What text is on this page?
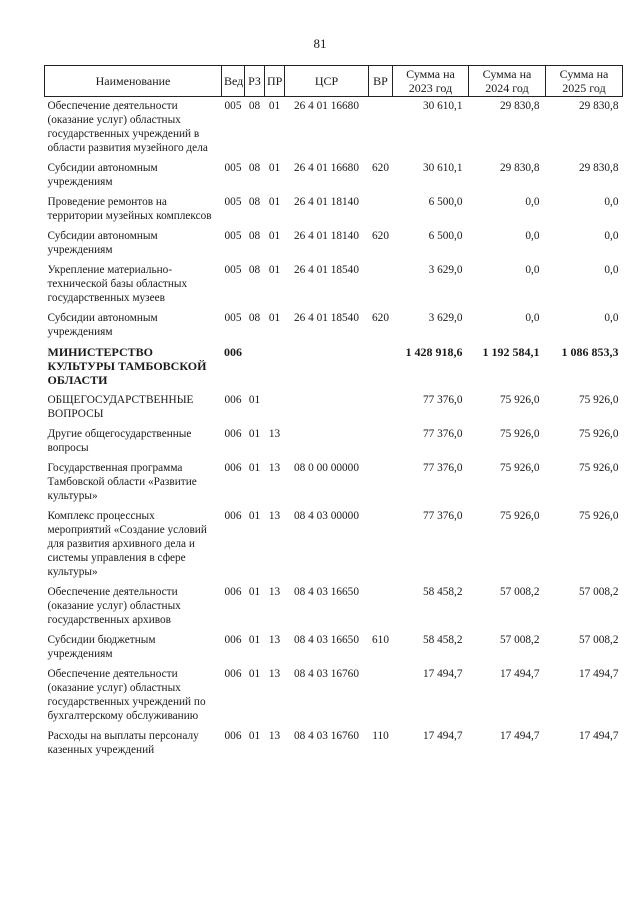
81
Наименование	Вед	РЗ	ПР	ЦСР	ВР	Сумма на 2023 год	Сумма на 2024 год	Сумма на 2025 год
Обеспечение деятельности (оказание услуг) областных государственных учреждений в области развития музейного дела	005	08	01	26 4 01 16680		30 610,1	29 830,8	29 830,8
Субсидии автономным учреждениям	005	08	01	26 4 01 16680	620	30 610,1	29 830,8	29 830,8
Проведение ремонтов на территории музейных комплексов	005	08	01	26 4 01 18140		6 500,0	0,0	0,0
Субсидии автономным учреждениям	005	08	01	26 4 01 18140	620	6 500,0	0,0	0,0
Укрепление материально-технической базы областных государственных музеев	005	08	01	26 4 01 18540		3 629,0	0,0	0,0
Субсидии автономным учреждениям	005	08	01	26 4 01 18540	620	3 629,0	0,0	0,0
МИНИСТЕРСТВО КУЛЬТУРЫ ТАМБОВСКОЙ ОБЛАСТИ	006					1 428 918,6	1 192 584,1	1 086 853,3
ОБЩЕГОСУДАРСТВЕННЫЕ ВОПРОСЫ	006	01				77 376,0	75 926,0	75 926,0
Другие общегосударственные вопросы	006	01	13			77 376,0	75 926,0	75 926,0
Государственная программа Тамбовской области «Развитие культуры»	006	01	13	08 0 00 00000		77 376,0	75 926,0	75 926,0
Комплекс процессных мероприятий «Создание условий для развития архивного дела и системы управления в сфере культуры»	006	01	13	08 4 03 00000		77 376,0	75 926,0	75 926,0
Обеспечение деятельности (оказание услуг) областных государственных архивов	006	01	13	08 4 03 16650		58 458,2	57 008,2	57 008,2
Субсидии бюджетным учреждениям	006	01	13	08 4 03 16650	610	58 458,2	57 008,2	57 008,2
Обеспечение деятельности (оказание услуг) областных государственных учреждений по бухгалтерскому обслуживанию	006	01	13	08 4 03 16760		17 494,7	17 494,7	17 494,7
Расходы на выплаты персоналу казенных учреждений	006	01	13	08 4 03 16760	110	17 494,7	17 494,7	17 494,7
